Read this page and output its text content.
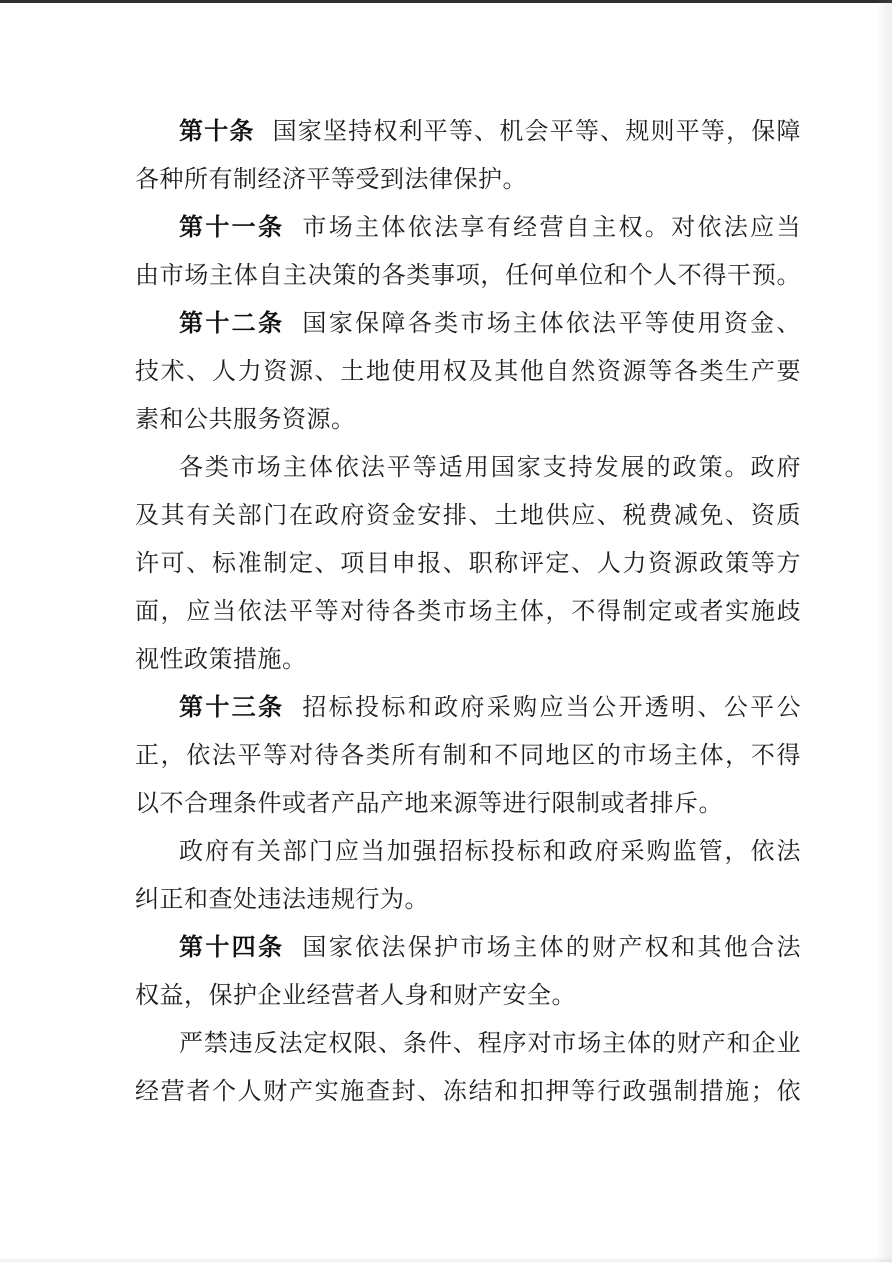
第十条 国家坚持权利平等、机会平等、规则平等，保障
各种所有制经济平等受到法律保护。
第十一条 市场主体依法享有经营自主权。对依法应当
由市场主体自主决策的各类事项，任何单位和个人不得干预。
第十二条 国家保障各类市场主体依法平等使用资金、
技术、人力资源、土地使用权及其他自然资源等各类生产要
素和公共服务资源。
各类市场主体依法平等适用国家支持发展的政策。政府
及其有关部门在政府资金安排、土地供应、税费减免、资质
许可、标准制定、项目申报、职称评定、人力资源政策等方
面，应当依法平等对待各类市场主体，不得制定或者实施歧
视性政策措施。
第十三条 招标投标和政府采购应当公开透明、公平公
正，依法平等对待各类所有制和不同地区的市场主体，不得
以不合理条件或者产品产地来源等进行限制或者排斥。
政府有关部门应当加强招标投标和政府采购监管，依法
纠正和查处违法违规行为。
第十四条 国家依法保护市场主体的财产权和其他合法
权益，保护企业经营者人身和财产安全。
严禁违反法定权限、条件、程序对市场主体的财产和企业
经营者个人财产实施查封、冻结和扣押等行政强制措施；依
